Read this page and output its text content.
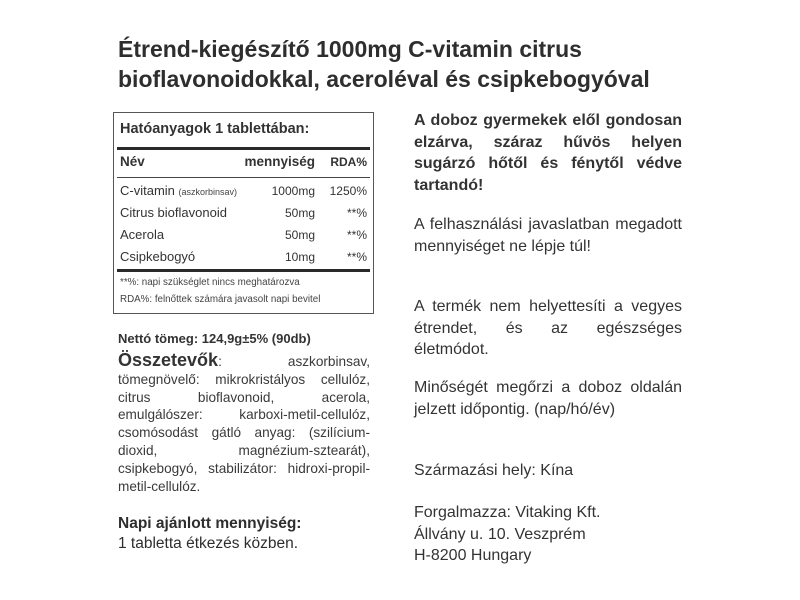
Étrend-kiegészítő 1000mg C-vitamin citrus
bioflavonoidokkal, aceroléval és csipkebogyóval
Hatóanyagok 1 tablettában:
Név	mennyiség RDA%
C-vitamin (aszkorbinsav)	1000mg 1250%
Citrus bioflavonoid	50mg	**%
Acerola	50mg	**%
Csipkebogyó	10mg	**%
**%: napi szükséglet nincs meghatározva
RDA%: felnőttek számára javasolt napi bevitel
Nettó tömeg: 124,9g±5% (90db)
Összetevők: aszkorbinsav, tömegnövelő: mikrokristályos cellulóz, citrus bioflavonoid, acerola, emulgálószer: karboxi-metil-cellulóz, csomósodást gátló anyag: (szilícium-dioxid, magnézium-sztearát), csipkebogyó, stabilizátor: hidroxi-propil-metil-cellulóz.
Napi ajánlott mennyiség:
1 tabletta étkezés közben.
A doboz gyermekek elől gondosan elzárva, száraz hűvös helyen sugárzó hőtől és fénytől védve tartandó!
A felhasználási javaslatban megadott mennyiséget ne lépje túl!
A termék nem helyettesíti a vegyes étrendet, és az egészséges életmódot.
Minőségét megőrzi a doboz oldalán jelzett időpontig. (nap/hó/év)
Származási hely: Kína
Forgalmazza: Vitaking Kft.
Állvány u. 10. Veszprém
H-8200 Hungary
